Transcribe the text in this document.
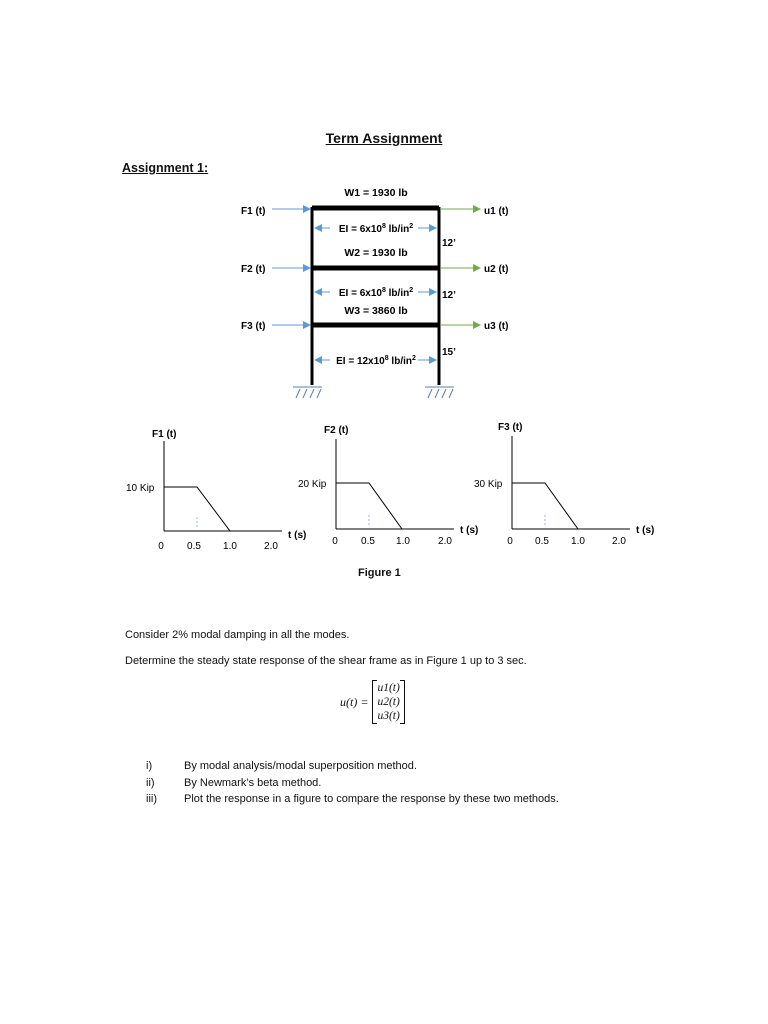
Term Assignment
Assignment 1:
W1 = 1930 lb
W2 = 1930 lb
W3 = 3860 lb
EI = $6x10^8$ $lb/in^2$
EI = $6x10^8$ $lb/in^2$
EI = $12x10^8$ $lb/in^2$
12’
12’
15’
F1 (t)
F2 (t)
F3 (t)
u1 (t)
u2 (t)
u3 (t)
F1 (t)
10 Kip
t (s)
0 0.5 1.0	2.0
F2 (t)
20 Kip
t (s)
0 0.5 1.0	2.0
F3 (t)
30 Kip
t (s)
0 0.5 1.0	2.0
Figure 1
Consider 2% modal damping in all the modes.
Determine the steady state response of the shear frame as in Figure 1 up to 3 sec.
u(t) =
u1(t)
u2(t)
u3(t)
i)	By modal analysis/modal superposition method.
ii)	By Newmark’s beta method.
iii)	Plot the response in a figure to compare the response by these two methods.
